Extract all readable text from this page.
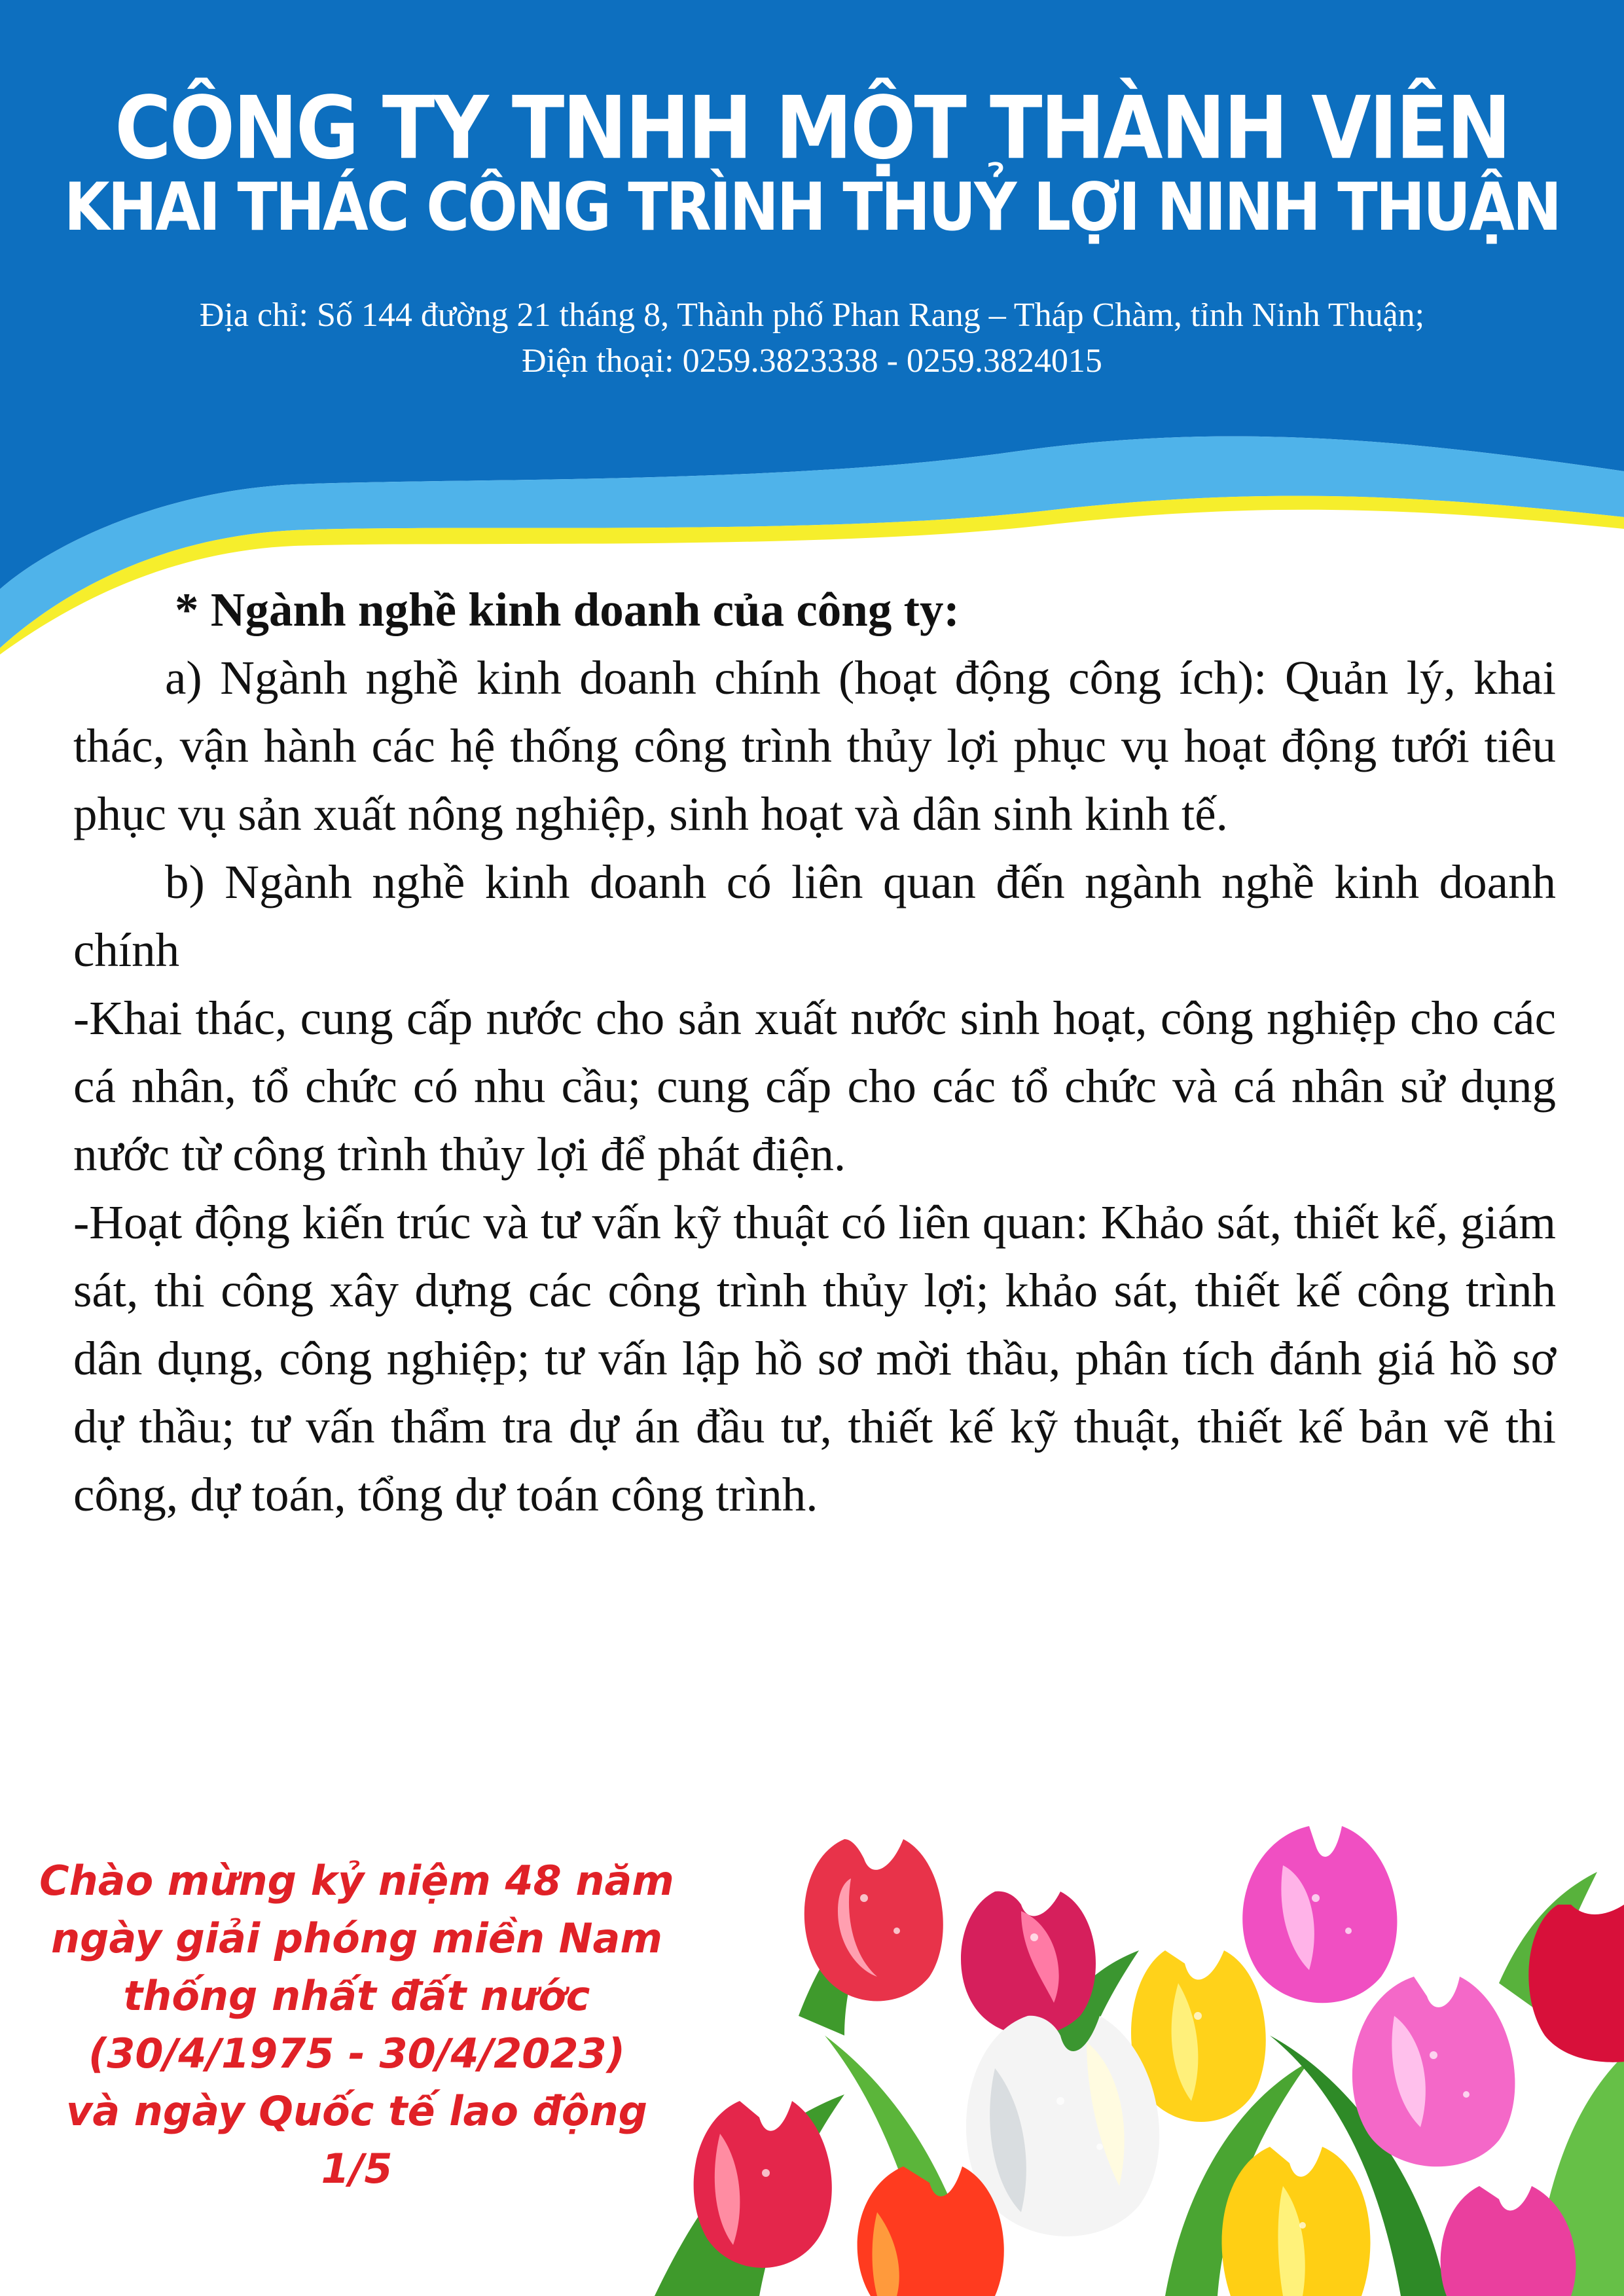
CÔNG TY TNHH MỘT THÀNH VIÊN
KHAI THÁC CÔNG TRÌNH THUỶ LỢI NINH THUẬN
Địa chỉ: Số 144 đường 21 tháng 8, Thành phố Phan Rang – Tháp Chàm, tỉnh Ninh Thuận;
Điện thoại: 0259.3823338 - 0259.3824015

* Ngành nghề kinh doanh của công ty:

a) Ngành nghề kinh doanh chính (hoạt động công ích): Quản lý, khai thác, vận hành các hệ thống công trình thủy lợi phục vụ hoạt động tưới tiêu phục vụ sản xuất nông nghiệp, sinh hoạt và dân sinh kinh tế.

b) Ngành nghề kinh doanh có liên quan đến ngành nghề kinh doanh chính

-Khai thác, cung cấp nước cho sản xuất nước sinh hoạt, công nghiệp cho các cá nhân, tổ chức có nhu cầu; cung cấp cho các tổ chức và cá nhân sử dụng nước từ công trình thủy lợi để phát điện.

-Hoạt động kiến trúc và tư vấn kỹ thuật có liên quan: Khảo sát, thiết kế, giám sát, thi công xây dựng các công trình thủy lợi; khảo sát, thiết kế công trình dân dụng, công nghiệp; tư vấn lập hồ sơ mời thầu, phân tích đánh giá hồ sơ dự thầu; tư vấn thẩm tra dự án đầu tư, thiết kế kỹ thuật, thiết kế bản vẽ thi công, dự toán, tổng dự toán công trình.

Chào mừng kỷ niệm 48 năm
ngày giải phóng miền Nam
thống nhất đất nước
(30/4/1975 - 30/4/2023)
và ngày Quốc tế lao động 1/5
